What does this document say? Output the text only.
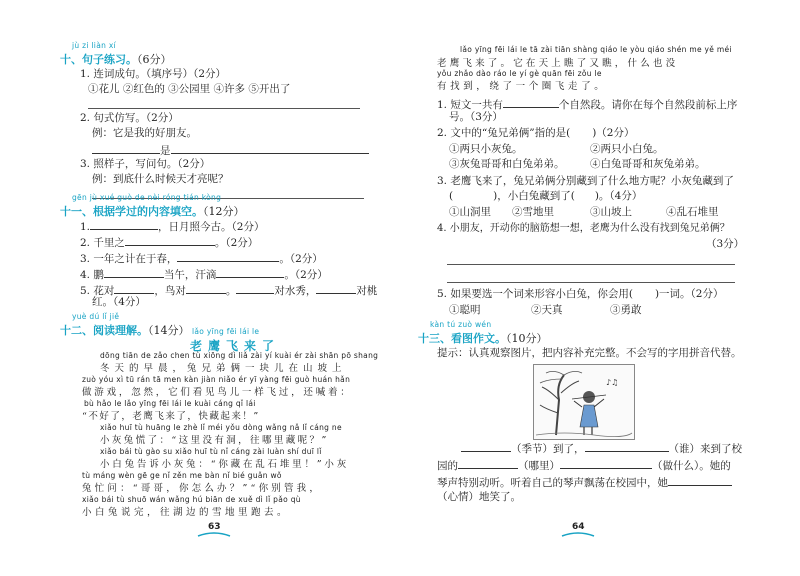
jù zi liàn xí
十、句子练习。（6分）
1. 连词成句。（填序号）（2分）
①花儿 ②红色的 ③公园里 ④许多 ⑤开出了
2. 句式仿写。（2分）
例：它是我的好朋友。
是
3. 照样子，写问句。（2分）
例：到底什么时候天才亮呢？
gēn jù xué guò de nèi róng tián kòng
十一、根据学过的内容填空。（12分）
1.	，日月照今古。（2分）
2. 千里之	。（2分）
3. 一年之计在于春，	。（2分）
4. 鹏	当午，汗滴	。（2分）
5. 花对	，鸟对	。	对水秀，	对桃
红。（4分）
yuè dú lǐ jiě
十二、阅读理解。（14分） lǎo yīng fēi lái le
老鹰飞来了
dōng tiān de zǎo chen tù xiōng dì liǎ zài yí kuài ér zài shān pō shang
冬天的早晨，兔兄弟俩一块儿在山坡上
zuò yóu xì tū rán tā men kàn jiàn niǎo ér yī yàng fēi guò huán hǎn
做游戏，忽然，它们看见鸟儿一样飞过，还喊着：
bù hǎo le lǎo yīng fēi lái le kuài cáng qǐ lái
“不好了，老鹰飞来了，快藏起来！”
xiǎo huī tù huāng le zhè lǐ méi yǒu dòng wǎng nǎ lǐ cáng ne
小灰兔慌了：“这里没有洞，往哪里藏呢？”
xiǎo bái tù gào su xiǎo huī tù nǐ cáng zài luàn shí duī lǐ
小白兔告诉小灰兔：“你藏在乱石堆里！”小灰
tù máng wèn gē ge nǐ zěn me bàn nǐ bié guǎn wǒ
兔忙问：“哥哥，你怎么办？”“你别管我，
xiǎo bái tù shuō wán wǎng hú biān de xuě dì lǐ pǎo qù
小白兔说完，往湖边的雪地里跑去。
63
lǎo yīng fēi lái le tā zài tiān shàng qiáo le yòu qiáo shén me yě méi
老鹰飞来了。它在天上瞧了又瞧，什么也没
yǒu zhǎo dào ráo le yí gè quān fēi zǒu le
有找到，绕了一个圈飞走了。
1. 短文一共有	个自然段。请你在每个自然段前标上序
号。（3分）
2. 文中的“兔兄弟俩”指的是( )（2分）
①两只小灰兔。	②两只小白兔。
③灰兔哥哥和白兔弟弟。 ④白兔哥哥和灰兔弟弟。
3. 老鹰飞来了，兔兄弟俩分别藏到了什么地方呢？小灰兔藏到了
(	)，小白兔藏到了( )。（4分）
①山洞里 ②雪地里	③山坡上	④乱石堆里
4. 小朋友，开动你的脑筋想一想，老鹰为什么没有找到兔兄弟俩？
（3分）
5. 如果要选一个词来形容小白兔，你会用( )一词。（2分）
①聪明	②天真	③勇敢
kàn tú zuò wén
十三、看图作文。（10分）
提示：认真观察图片，把内容补充完整。不会写的字用拼音代替。
♪♫
（季节）到了，	（谁）来到了校
园的	（哪里）	（做什么）。她的
琴声特别动听。听着自己的琴声飘荡在校园中，她
（心情）地笑了。
64
